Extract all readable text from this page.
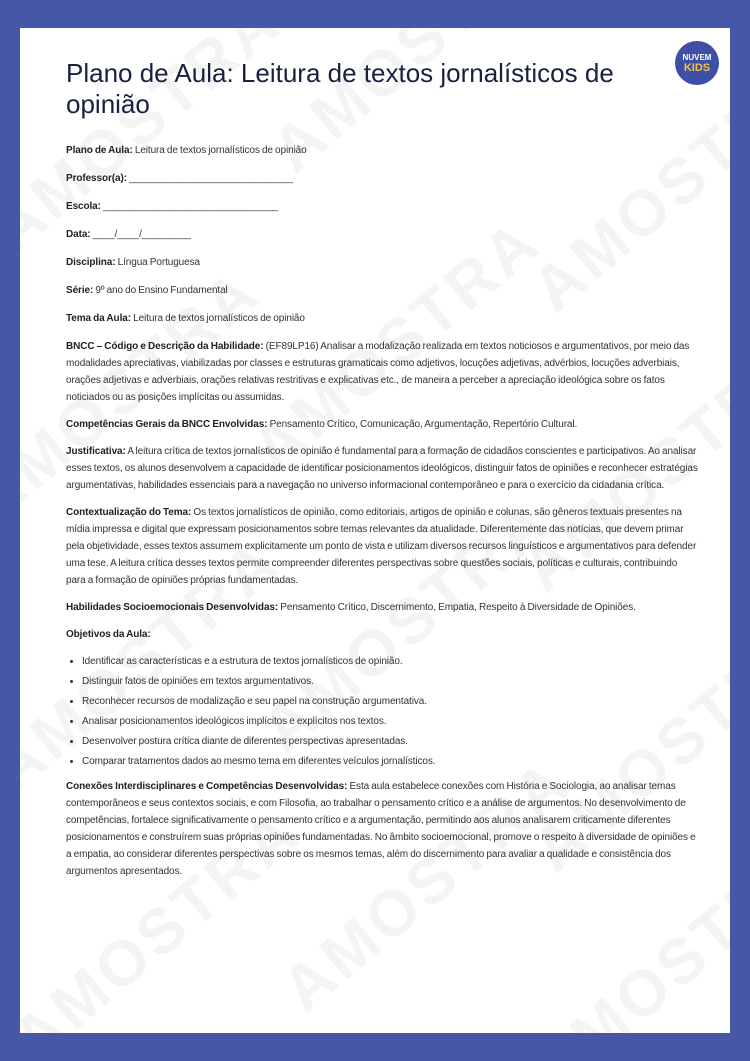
NUVEM
KIDS
Plano de Aula: Leitura de textos jornalísticos de opinião
Plano de Aula: Leitura de textos jornalísticos de opinião
Professor(a): ______________________________
Escola: ________________________________
Data: ____/____/_________
Disciplina: Língua Portuguesa
Série: 9º ano do Ensino Fundamental
Tema da Aula: Leitura de textos jornalísticos de opinião

BNCC – Código e Descrição da Habilidade: (EF89LP16) Analisar a modalização realizada em textos noticiosos e argumentativos, por meio das modalidades apreciativas, viabilizadas por classes e estruturas gramaticais como adjetivos, locuções adjetivas, advérbios, locuções adverbiais, orações adjetivas e adverbiais, orações relativas restritivas e explicativas etc., de maneira a perceber a apreciação ideológica sobre os fatos noticiados ou as posições implícitas ou assumidas.

Competências Gerais da BNCC Envolvidas: Pensamento Crítico, Comunicação, Argumentação, Repertório Cultural.

Justificativa: A leitura crítica de textos jornalísticos de opinião é fundamental para a formação de cidadãos conscientes e participativos. Ao analisar esses textos, os alunos desenvolvem a capacidade de identificar posicionamentos ideológicos, distinguir fatos de opiniões e reconhecer estratégias argumentativas, habilidades essenciais para a navegação no universo informacional contemporâneo e para o exercício da cidadania crítica.

Contextualização do Tema: Os textos jornalísticos de opinião, como editoriais, artigos de opinião e colunas, são gêneros textuais presentes na mídia impressa e digital que expressam posicionamentos sobre temas relevantes da atualidade. Diferentemente das notícias, que devem primar pela objetividade, esses textos assumem explicitamente um ponto de vista e utilizam diversos recursos linguísticos e argumentativos para defender uma tese. A leitura crítica desses textos permite compreender diferentes perspectivas sobre questões sociais, políticas e culturais, contribuindo para a formação de opiniões próprias fundamentadas.

Habilidades Socioemocionais Desenvolvidas: Pensamento Crítico, Discernimento, Empatia, Respeito à Diversidade de Opiniões.

Objetivos da Aula:

• Identificar as características e a estrutura de textos jornalísticos de opinião.
• Distinguir fatos de opiniões em textos argumentativos.
• Reconhecer recursos de modalização e seu papel na construção argumentativa.
• Analisar posicionamentos ideológicos implícitos e explícitos nos textos.
• Desenvolver postura crítica diante de diferentes perspectivas apresentadas.
• Comparar tratamentos dados ao mesmo tema em diferentes veículos jornalísticos.

Conexões Interdisciplinares e Competências Desenvolvidas: Esta aula estabelece conexões com História e Sociologia, ao analisar temas contemporâneos e seus contextos sociais, e com Filosofia, ao trabalhar o pensamento crítico e a análise de argumentos. No desenvolvimento de competências, fortalece significativamente o pensamento crítico e a argumentação, permitindo aos alunos analisarem criticamente diferentes posicionamentos e construírem suas próprias opiniões fundamentadas. No âmbito socioemocional, promove o respeito à diversidade de opiniões e a empatia, ao considerar diferentes perspectivas sobre os mesmos temas, além do discernimento para avaliar a qualidade e consistência dos argumentos apresentados.
